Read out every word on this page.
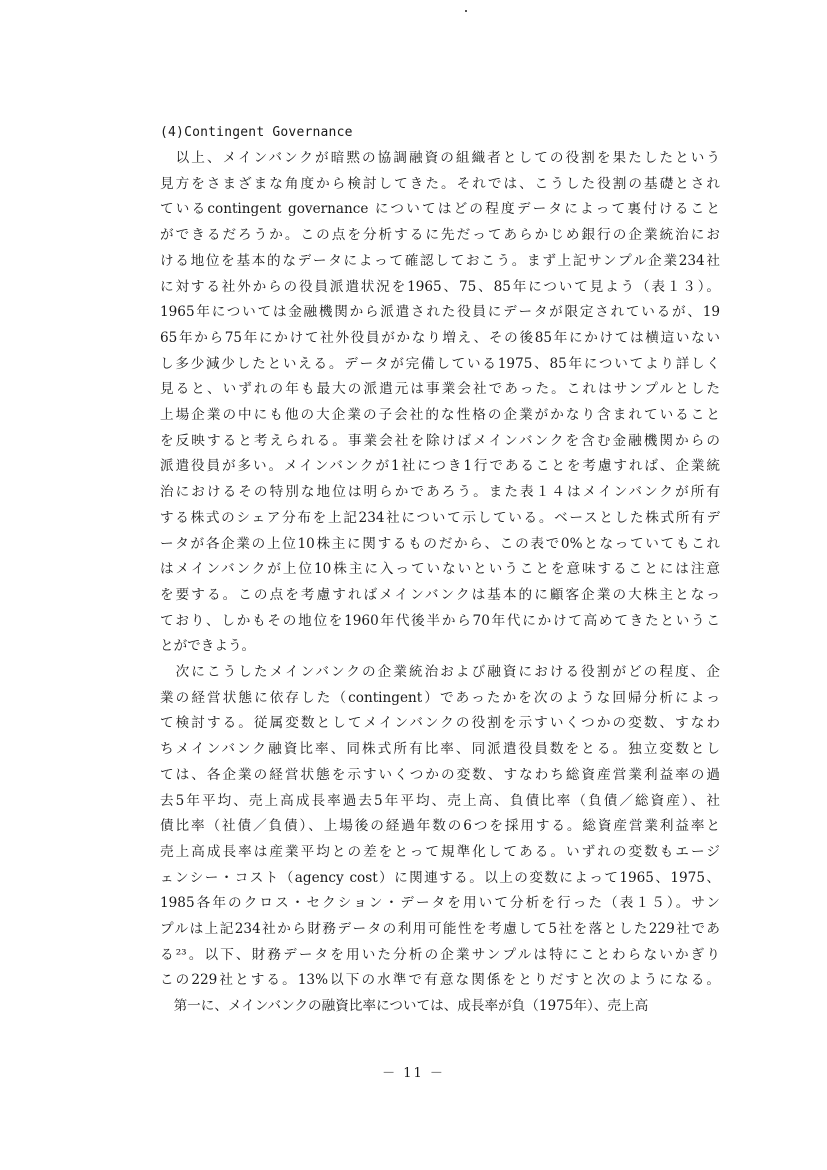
(4)Contingent Governance
　以上、メインバンクが暗黙の協調融資の組織者としての役割を果たしたという
見方をさまざまな角度から検討してきた。それでは、こうした役割の基礎とされ
ているcontingent governance についてはどの程度データによって裏付けること
ができるだろうか。この点を分析するに先だってあらかじめ銀行の企業統治にお
ける地位を基本的なデータによって確認しておこう。まず上記サンプル企業234社
に対する社外からの役員派遣状況を1965、75、85年について見よう（表１３）。
1965年については金融機関から派遣された役員にデータが限定されているが、19
65年から75年にかけて社外役員がかなり増え、その後85年にかけては横這いない
し多少減少したといえる。データが完備している1975、85年についてより詳しく
見ると、いずれの年も最大の派遣元は事業会社であった。これはサンプルとした
上場企業の中にも他の大企業の子会社的な性格の企業がかなり含まれていること
を反映すると考えられる。事業会社を除けばメインバンクを含む金融機関からの
派遣役員が多い。メインバンクが1社につき1行であることを考慮すれば、企業統
治におけるその特別な地位は明らかであろう。また表１４はメインバンクが所有
する株式のシェア分布を上記234社について示している。ベースとした株式所有デ
ータが各企業の上位10株主に関するものだから、この表で0%となっていてもこれ
はメインバンクが上位10株主に入っていないということを意味することには注意
を要する。この点を考慮すればメインバンクは基本的に顧客企業の大株主となっ
ており、しかもその地位を1960年代後半から70年代にかけて高めてきたというこ
とができよう。
　次にこうしたメインバンクの企業統治および融資における役割がどの程度、企
業の経営状態に依存した（contingent）であったかを次のような回帰分析によっ
て検討する。従属変数としてメインバンクの役割を示すいくつかの変数、すなわ
ちメインバンク融資比率、同株式所有比率、同派遣役員数をとる。独立変数とし
ては、各企業の経営状態を示すいくつかの変数、すなわち総資産営業利益率の過
去5年平均、売上高成長率過去5年平均、売上高、負債比率（負債／総資産）、社
債比率（社債／負債）、上場後の経過年数の6つを採用する。総資産営業利益率と
売上高成長率は産業平均との差をとって規準化してある。いずれの変数もエージ
ェンシー・コスト（agency cost）に関連する。以上の変数によって1965、1975、
1985各年のクロス・セクション・データを用いて分析を行った（表１５）。サン
プルは上記234社から財務データの利用可能性を考慮して5社を落とした229社であ
る²³。以下、財務データを用いた分析の企業サンプルは特にことわらないかぎり
この229社とする。13%以下の水準で有意な関係をとりだすと次のようになる。
　第一に、メインバンクの融資比率については、成長率が負（1975年）、売上高
－ 11 －
